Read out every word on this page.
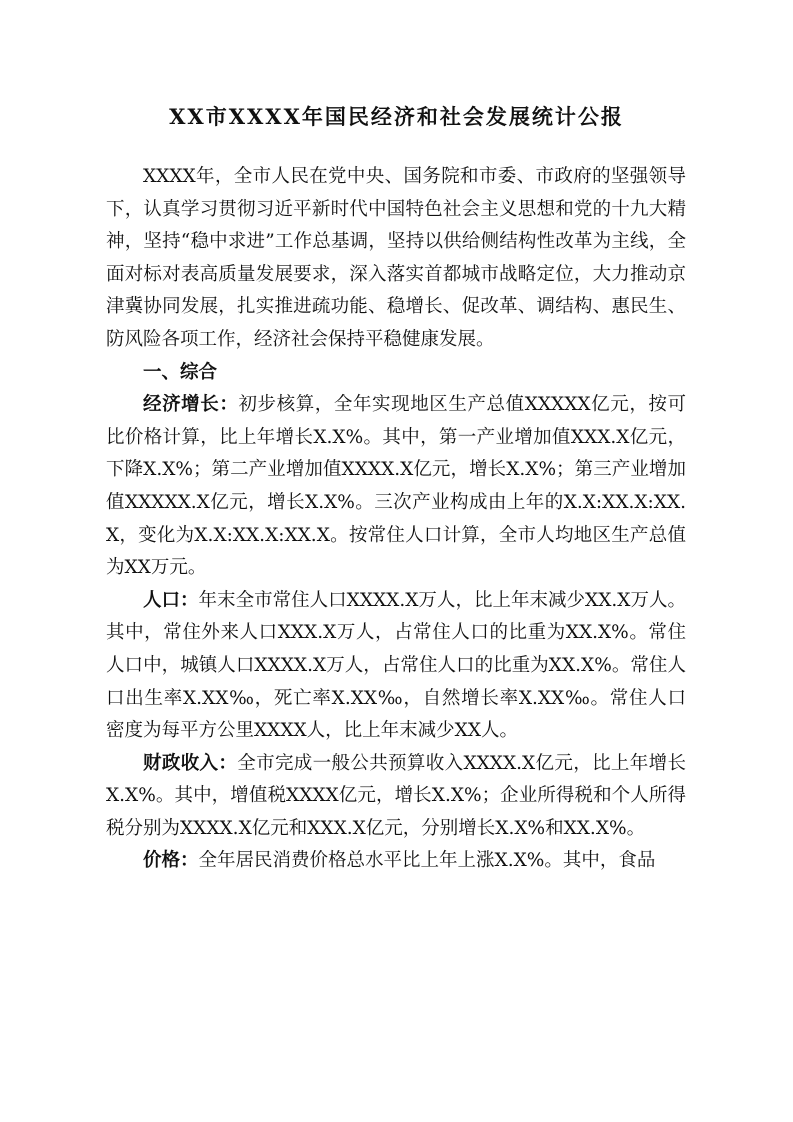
XX市XXXX年国民经济和社会发展统计公报

XXXX年，全市人民在党中央、国务院和市委、市政府的坚强领导下，认真学习贯彻习近平新时代中国特色社会主义思想和党的十九大精神，坚持“稳中求进”工作总基调，坚持以供给侧结构性改革为主线，全面对标对表高质量发展要求，深入落实首都城市战略定位，大力推动京津冀协同发展，扎实推进疏功能、稳增长、促改革、调结构、惠民生、防风险各项工作，经济社会保持平稳健康发展。

一、综合

经济增长：初步核算，全年实现地区生产总值XXXXX亿元，按可比价格计算，比上年增长X.X%。其中，第一产业增加值XXX.X亿元，下降X.X%；第二产业增加值XXXX.X亿元，增长X.X%；第三产业增加值XXXXX.X亿元，增长X.X%。三次产业构成由上年的X.X:XX.X:XX.X，变化为X.X:XX.X:XX.X。按常住人口计算，全市人均地区生产总值为XX万元。

人口：年末全市常住人口XXXX.X万人，比上年末减少XX.X万人。其中，常住外来人口XXX.X万人，占常住人口的比重为XX.X%。常住人口中，城镇人口XXXX.X万人，占常住人口的比重为XX.X%。常住人口出生率X.XX‰，死亡率X.XX‰，自然增长率X.XX‰。常住人口密度为每平方公里XXXX人，比上年末减少XX人。

财政收入：全市完成一般公共预算收入XXXX.X亿元，比上年增长X.X%。其中，增值税XXXX亿元，增长X.X%；企业所得税和个人所得税分别为XXXX.X亿元和XXX.X亿元，分别增长X.X%和XX.X%。

价格：全年居民消费价格总水平比上年上涨X.X%。其中，食品
